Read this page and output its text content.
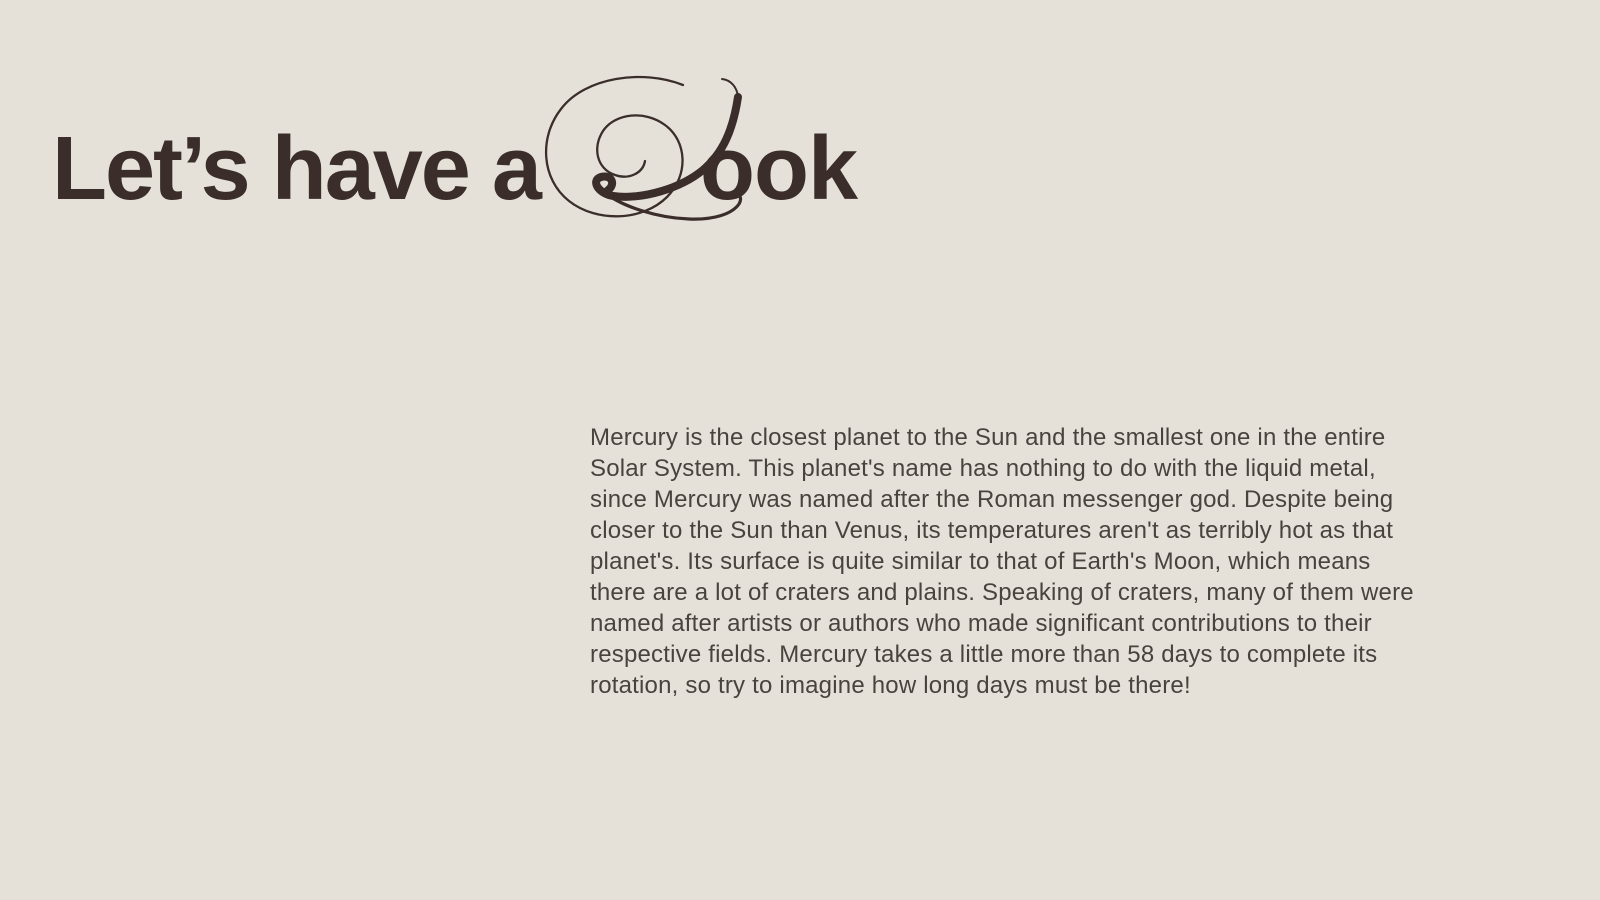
Let’s have a ook
Mercury is the closest planet to the Sun and the smallest one in the entire
Solar System. This planet's name has nothing to do with the liquid metal,
since Mercury was named after the Roman messenger god. Despite being
closer to the Sun than Venus, its temperatures aren't as terribly hot as that
planet's. Its surface is quite similar to that of Earth's Moon, which means
there are a lot of craters and plains. Speaking of craters, many of them were
named after artists or authors who made significant contributions to their
respective fields. Mercury takes a little more than 58 days to complete its
rotation, so try to imagine how long days must be there!
